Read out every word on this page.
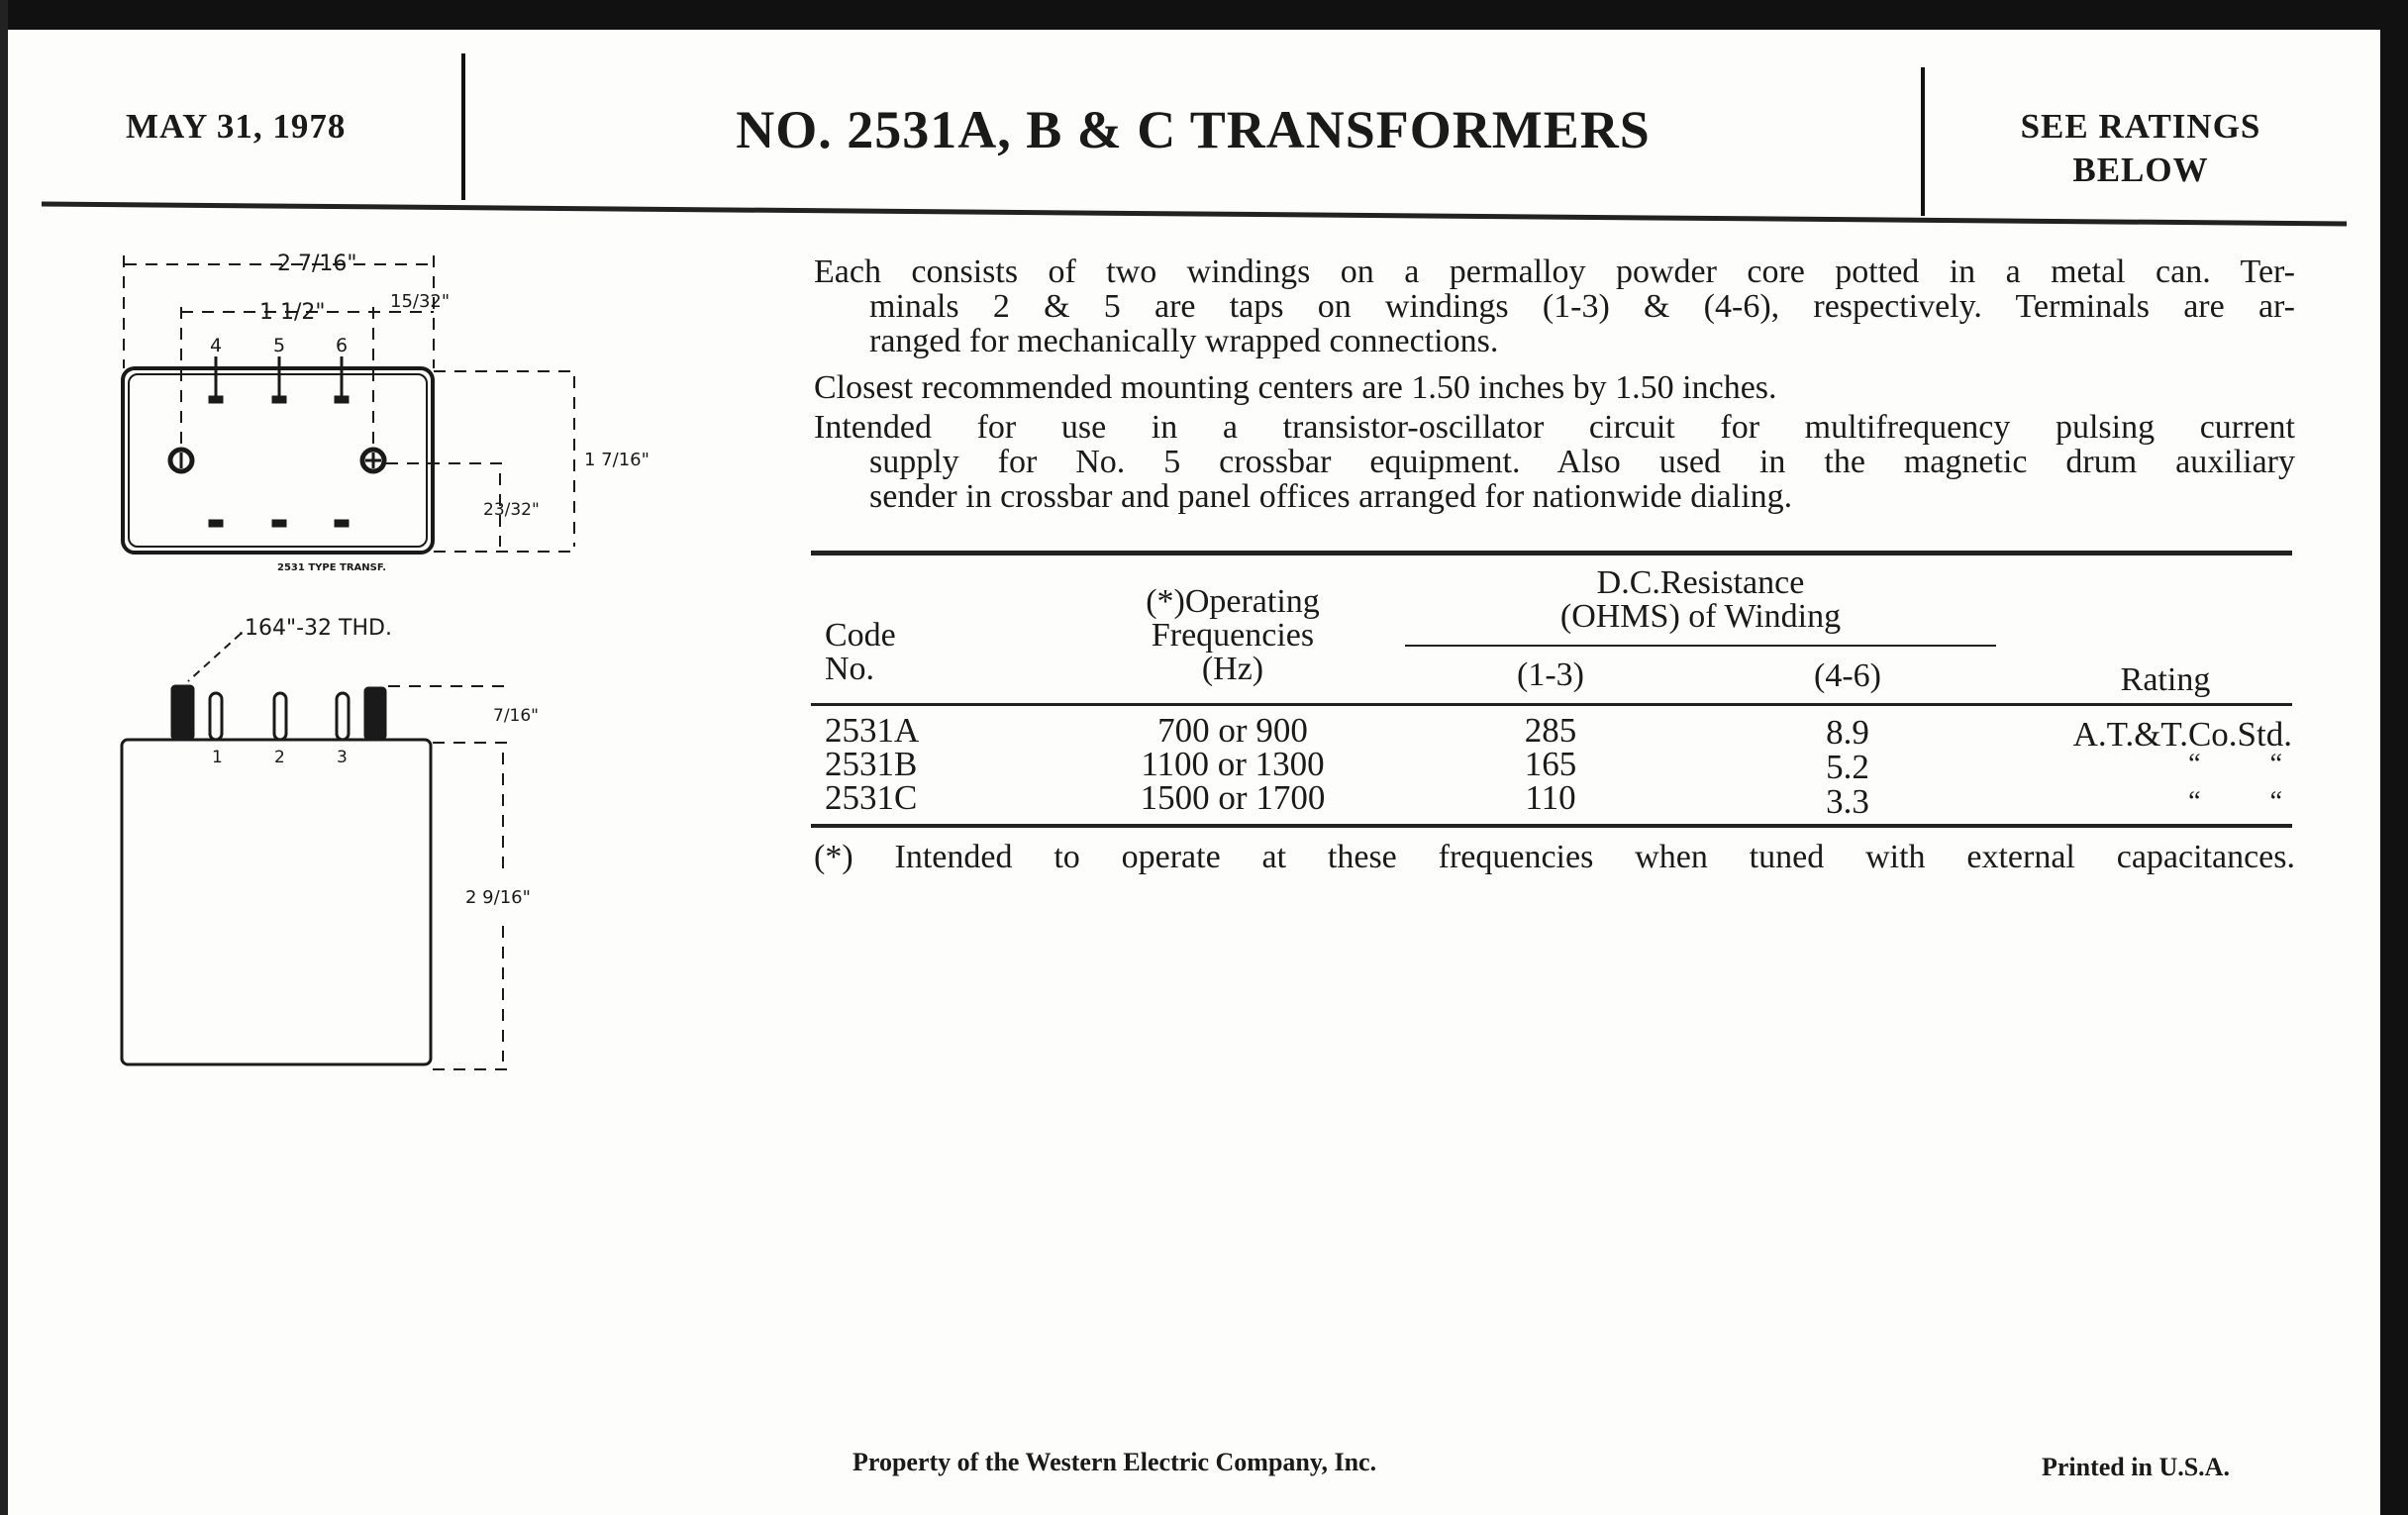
MAY 31, 1978	NO. 2531A, B & C TRANSFORMERS	SEE RATINGS
BELOW
Each consists of two windings on a permalloy powder core potted in a metal can. Ter-
minals 2 & 5 are taps on windings (1-3) & (4-6), respectively. Terminals are ar-
ranged for mechanically wrapped connections.
Closest recommended mounting centers are 1.50 inches by 1.50 inches.
Intended for use in a transistor-oscillator circuit for multifrequency pulsing current
supply for No. 5 crossbar equipment. Also used in the magnetic drum auxiliary
sender in crossbar and panel offices arranged for nationwide dialing.
Code
No.
(*)Operating
Frequencies
(Hz)
D.C.Resistance
(OHMS) of Winding
(1-3)	(4-6)	Rating
2531A	700 or 900	285	8.9	A.T.&T.Co.Std.
2531B	1100 or 1300	165	5.2	“          “
2531C	1500 or 1700	110	3.3	“          “
(*) Intended to operate at these frequencies when tuned with external capacitances.
2 7/16"
1 1/2"	15/32"
1 7/16"
23/32"
4	5	6
2531 TYPE TRANSF.
.164"-32 THD.
7/16"
2 9/16"
1	2	3
Property of the Western Electric Company, Inc.	Printed in U.S.A.
